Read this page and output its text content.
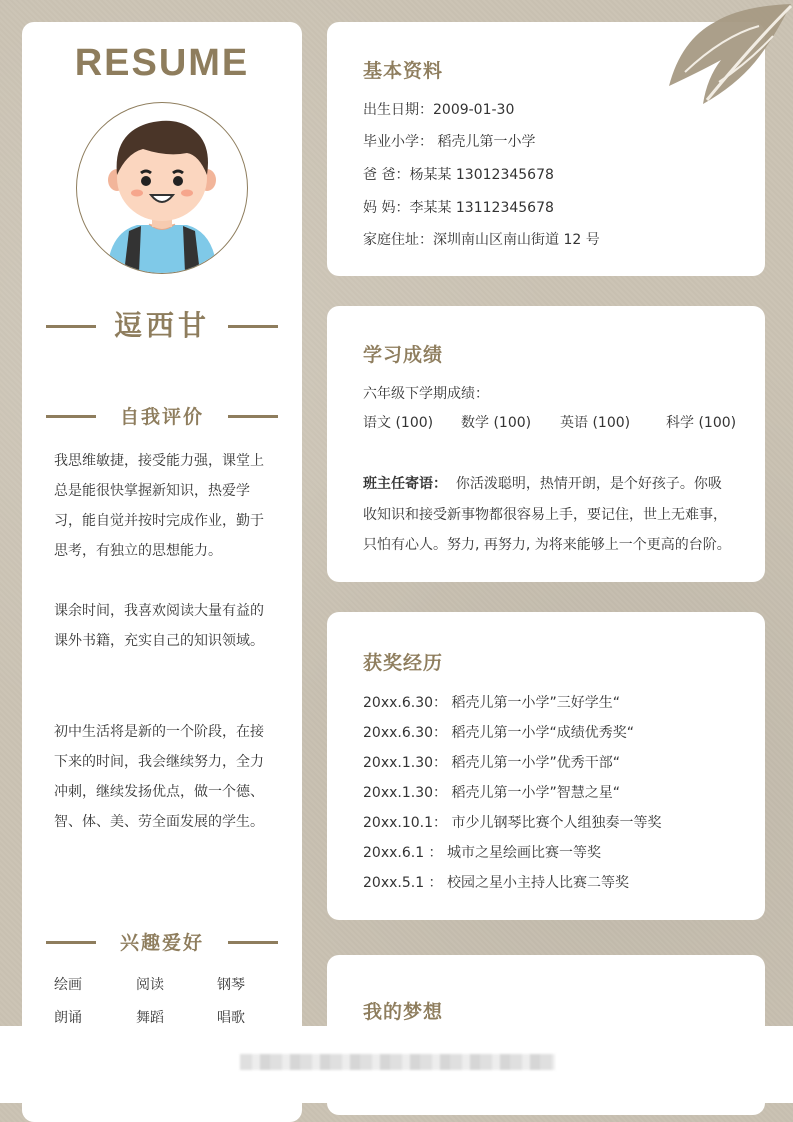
RESUME
逗西甘
自我评价
我思维敏捷，接受能力强，课堂上总是能很快掌握新知识，热爱学习，能自觉并按时完成作业，勤于思考，有独立的思想能力。
课余时间，我喜欢阅读大量有益的课外书籍，充实自己的知识领域。
初中生活将是新的一个阶段，在接下来的时间，我会继续努力，全力冲刺，继续发扬优点，做一个德、智、体、美、劳全面发展的学生。
兴趣爱好
绘画	阅读	钢琴
朗诵	舞蹈	唱歌
基本资料
出生日期：2009-01-30
毕业小学： 稻壳儿第一小学
爸 爸：杨某某 13012345678
妈 妈：李某某 13112345678
家庭住址：深圳南山区南山街道 12 号
学习成绩
六年级下学期成绩：
语文 (100) 数学 (100) 英语 (100)	科学 (100)
班主任寄语： 你活泼聪明，热情开朗，是个好孩子。你吸
收知识和接受新事物都很容易上手，要记住，世上无难事，
只怕有心人。努力, 再努力, 为将来能够上一个更高的台阶。
获奖经历
20xx.6.30： 稻壳儿第一小学”三好学生“
20xx.6.30： 稻壳儿第一小学“成绩优秀奖“
20xx.1.30： 稻壳儿第一小学”优秀干部“
20xx.1.30： 稻壳儿第一小学”智慧之星“
20xx.10.1： 市少儿钢琴比赛个人组独奏一等奖
20xx.6.1 ： 城市之星绘画比赛一等奖
20xx.5.1 ： 校园之星小主持人比赛二等奖
我的梦想
